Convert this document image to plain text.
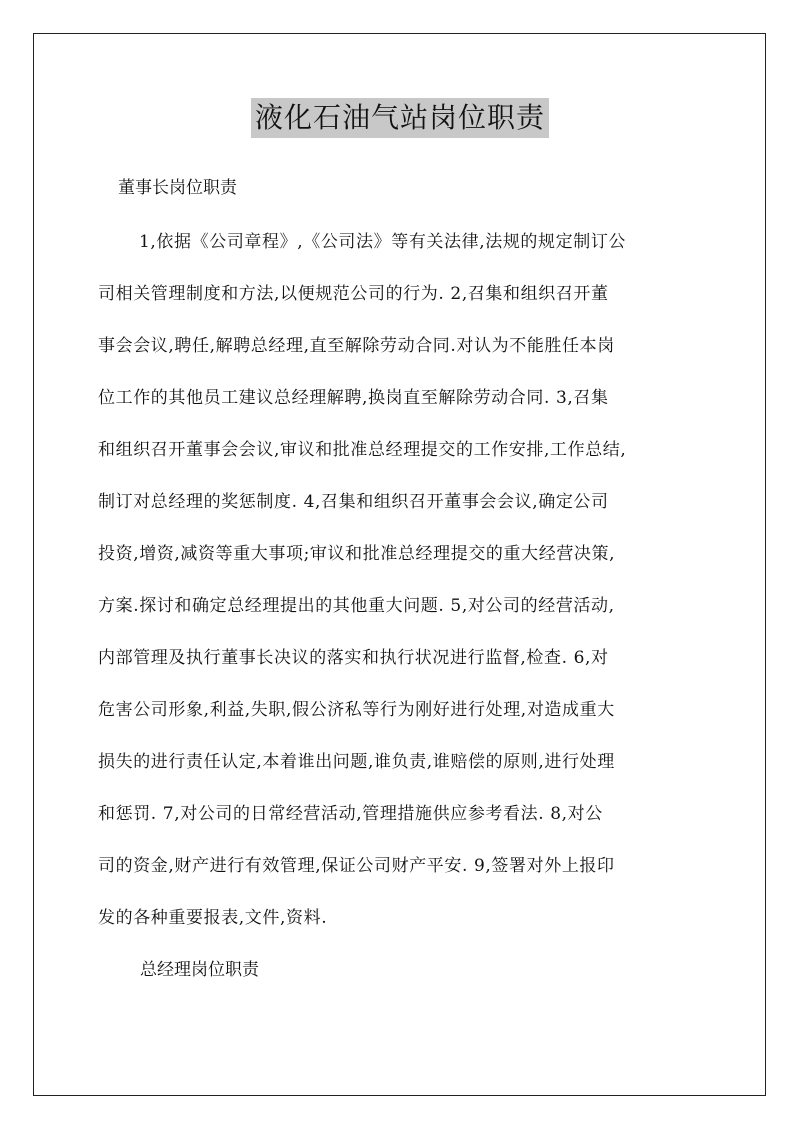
液化石油气站岗位职责
董事长岗位职责
1,依据《公司章程》,《公司法》等有关法律,法规的规定制订公
司相关管理制度和方法,以便规范公司的行为. 2,召集和组织召开董
事会会议,聘任,解聘总经理,直至解除劳动合同.对认为不能胜任本岗
位工作的其他员工建议总经理解聘,换岗直至解除劳动合同. 3,召集
和组织召开董事会会议,审议和批准总经理提交的工作安排,工作总结,
制订对总经理的奖惩制度. 4,召集和组织召开董事会会议,确定公司
投资,增资,减资等重大事项;审议和批准总经理提交的重大经营决策,
方案.探讨和确定总经理提出的其他重大问题. 5,对公司的经营活动,
内部管理及执行董事长决议的落实和执行状况进行监督,检查. 6,对
危害公司形象,利益,失职,假公济私等行为刚好进行处理,对造成重大
损失的进行责任认定,本着谁出问题,谁负责,谁赔偿的原则,进行处理
和惩罚. 7,对公司的日常经营活动,管理措施供应参考看法. 8,对公
司的资金,财产进行有效管理,保证公司财产平安. 9,签署对外上报印
发的各种重要报表,文件,资料.
总经理岗位职责
